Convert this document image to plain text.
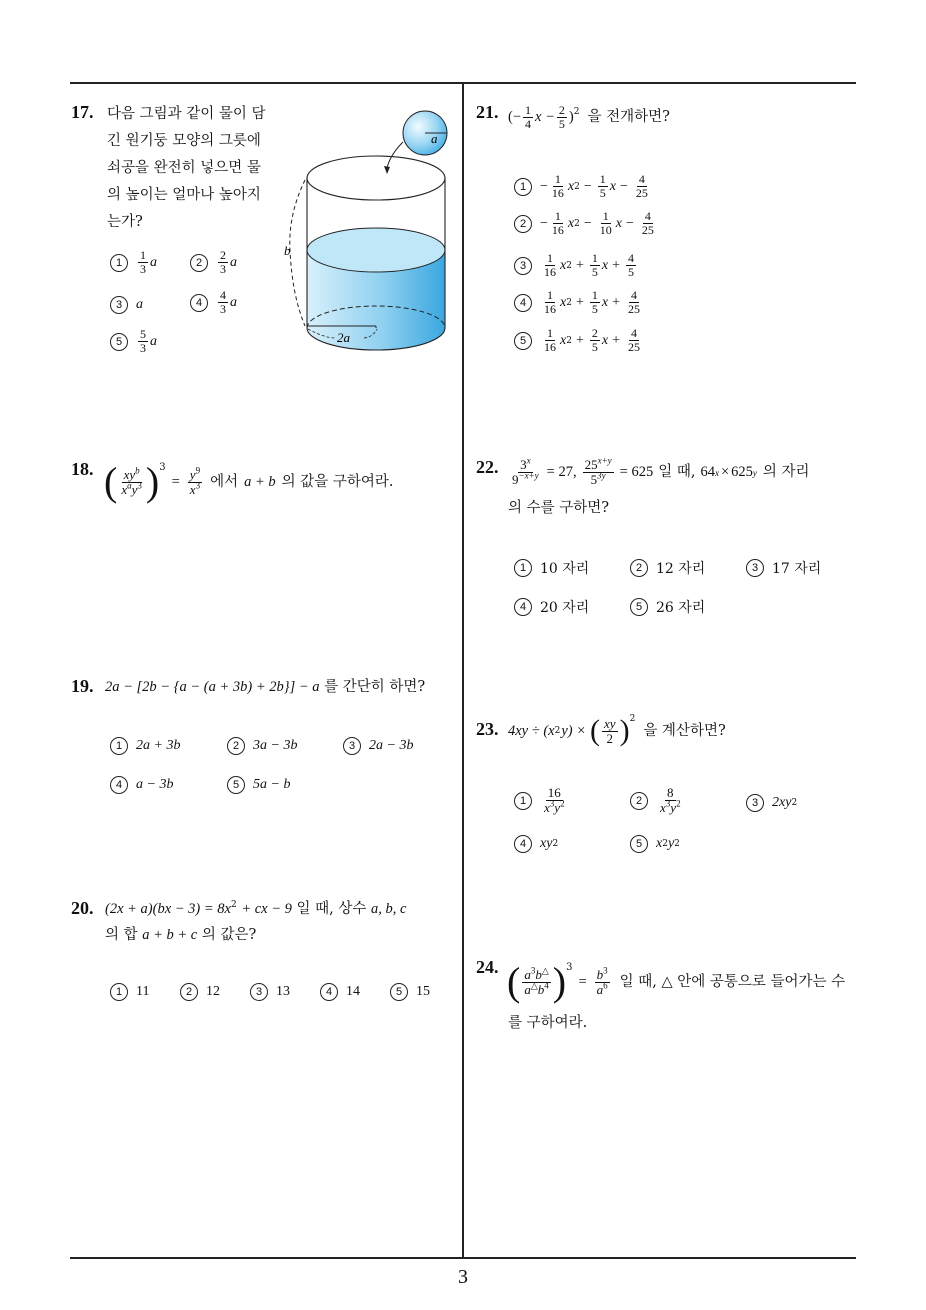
17. 다음 그림과 같이 물이 담
긴 원기둥 모양의 그릇에
쇠공을 완전히 넣으면 물
의 높이는 얼마나 높아지
는가?
1	$\frac{1}{3}$ a	2	$\frac{2}{3}$ a
3 a	4	$\frac{4}{3}$ a
5	$\frac{5}{3}$ a
a
2a
b
18. ( $\frac{xy^b}{x^ay^3} )^3$
= $\frac{y^9}{x^3}$ 에서 a + b 의 값을 구하여라.
19. 2a − [2b − {a − (a + 3b) + 2b}] − a 를 간단히 하면?
1 2a + 3b	2 3a − 3b	3 2a − 3b
4 a − 3b	5 5a − b
20. $(2x + a)(bx - 3) = 8x^2$ + cx − 9 일 때, 상수 a, b, c
의 합 a + b + c 의 값은?
1 11	2 12	3 13	4 14	5 15
21. (− $\frac{1}{4}$ $x - \frac{2}{5} )^2$ 을 전개하면?
$1 - \frac{1}{16}$ x $2 - \frac{1}{5}$ $x - \frac{4}{25}$
$2 - \frac{1}{16}$ x $2 - \frac{1}{10}$ $x - \frac{4}{25}$
3	$\frac{1}{16}$ x $2 + \frac{1}{5}$ $x + \frac{4}{5}$
4	$\frac{1}{16}$ x $2 + \frac{1}{5}$ $x + \frac{4}{25}$
5	$\frac{1}{16}$ x $2 + \frac{2}{5}$ $x + \frac{4}{25}$
22. $\frac{3^x}{9^{-x+y}} = 27$, $\frac{25^{x+y}}{5^{3y}} = 625$ 일 때, 64 x × 625 y 의 자리
의 수를 구하면?
1 10 자리	2 12 자리	3 17 자리
4 20 자리	5 26 자리
23. 4xy ÷ (x 2 y) × ( $\frac{xy}{2} )^2$
을 계산하면?
1	$\frac{16}{x^3y^2}$	2	$\frac{8}{x^3y^2}$	3 2xy 2
4 xy 2	5 x 2 y 2
24. ( $\frac{a^3b^\triangle}{a^\triangle b^4} )^3$
= $\frac{b^3}{a^6}$ 일 때, △ 안에 공통으로 들어가는 수
를 구하여라.
3
